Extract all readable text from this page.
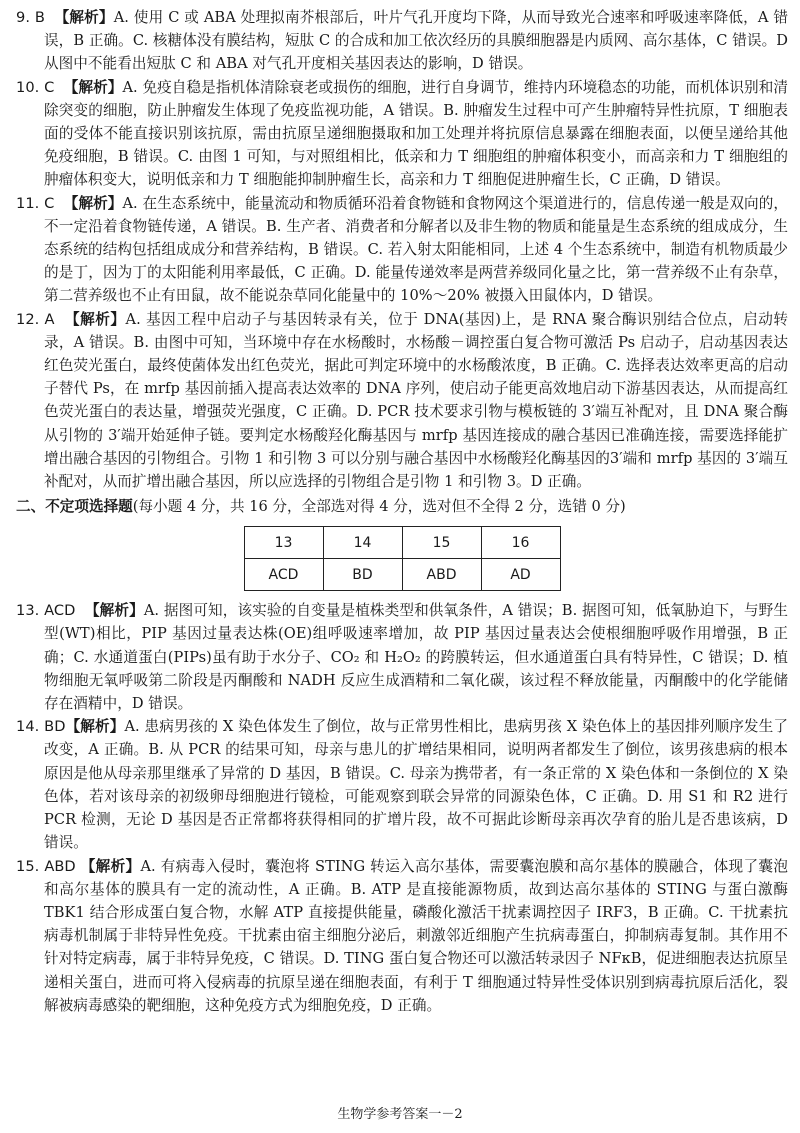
9. B 【解析】A. 使用 C 或 ABA 处理拟南芥根部后，叶片气孔开度均下降，从而导致光合速率和呼吸速率降低，A 错误，B 正确。C. 核糖体没有膜结构，短肽 C 的合成和加工依次经历的具膜细胞器是内质网、高尔基体，C 错误。D 从图中不能看出短肽 C 和 ABA 对气孔开度相关基因表达的影响，D 错误。

10. C 【解析】A. 免疫自稳是指机体清除衰老或损伤的细胞，进行自身调节，维持内环境稳态的功能，而机体识别和清除突变的细胞，防止肿瘤发生体现了免疫监视功能，A 错误。B. 肿瘤发生过程中可产生肿瘤特异性抗原，T 细胞表面的受体不能直接识别该抗原，需由抗原呈递细胞摄取和加工处理并将抗原信息暴露在细胞表面，以便呈递给其他免疫细胞，B 错误。C. 由图 1 可知，与对照组相比，低亲和力 T 细胞组的肿瘤体积变小，而高亲和力 T 细胞组的肿瘤体积变大，说明低亲和力 T 细胞能抑制肿瘤生长，高亲和力 T 细胞促进肿瘤生长，C 正确，D 错误。

11. C 【解析】A. 在生态系统中，能量流动和物质循环沿着食物链和食物网这个渠道进行的，信息传递一般是双向的，不一定沿着食物链传递，A 错误。B. 生产者、消费者和分解者以及非生物的物质和能量是生态系统的组成成分，生态系统的结构包括组成成分和营养结构，B 错误。C. 若入射太阳能相同，上述 4 个生态系统中，制造有机物质最少的是丁，因为丁的太阳能利用率最低，C 正确。D. 能量传递效率是两营养级同化量之比，第一营养级不止有杂草，第二营养级也不止有田鼠，故不能说杂草同化能量中的 10%～20% 被摄入田鼠体内，D 错误。

12. A 【解析】A. 基因工程中启动子与基因转录有关，位于 DNA(基因)上，是 RNA 聚合酶识别结合位点，启动转录，A 错误。B. 由图中可知，当环境中存在水杨酸时，水杨酸－调控蛋白复合物可激活 Ps 启动子，启动基因表达红色荧光蛋白，最终使菌体发出红色荧光，据此可判定环境中的水杨酸浓度，B 正确。C. 选择表达效率更高的启动子替代 Ps，在 mrfp 基因前插入提高表达效率的 DNA 序列，使启动子能更高效地启动下游基因表达，从而提高红色荧光蛋白的表达量，增强荧光强度，C 正确。D. PCR 技术要求引物与模板链的 3′端互补配对，且 DNA 聚合酶从引物的 3′端开始延伸子链。要判定水杨酸羟化酶基因与 mrfp 基因连接成的融合基因已准确连接，需要选择能扩增出融合基因的引物组合。引物 1 和引物 3 可以分别与融合基因中水杨酸羟化酶基因的3′端和 mrfp 基因的 3′端互补配对，从而扩增出融合基因，所以应选择的引物组合是引物 1 和引物 3。D 正确。

二、不定项选择题(每小题 4 分，共 16 分，全部选对得 4 分，选对但不全得 2 分，选错 0 分)
13	14	15	16
ACD	BD	ABD	AD

13. ACD 【解析】A. 据图可知，该实验的自变量是植株类型和供氧条件，A 错误；B. 据图可知，低氧胁迫下，与野生型(WT)相比，PIP 基因过量表达株(OE)组呼吸速率增加，故 PIP 基因过量表达会使根细胞呼吸作用增强，B 正确；C. 水通道蛋白(PIPs)虽有助于水分子、CO₂ 和 H₂O₂ 的跨膜转运，但水通道蛋白具有特异性，C 错误；D. 植物细胞无氧呼吸第二阶段是丙酮酸和 NADH 反应生成酒精和二氧化碳，该过程不释放能量，丙酮酸中的化学能储存在酒精中，D 错误。

14. BD【解析】A. 患病男孩的 X 染色体发生了倒位，故与正常男性相比，患病男孩 X 染色体上的基因排列顺序发生了改变，A 正确。B. 从 PCR 的结果可知，母亲与患儿的扩增结果相同，说明两者都发生了倒位，该男孩患病的根本原因是他从母亲那里继承了异常的 D 基因，B 错误。C. 母亲为携带者，有一条正常的 X 染色体和一条倒位的 X 染色体，若对该母亲的初级卵母细胞进行镜检，可能观察到联会异常的同源染色体，C 正确。D. 用 S1 和 R2 进行 PCR 检测，无论 D 基因是否正常都将获得相同的扩增片段，故不可据此诊断母亲再次孕育的胎儿是否患该病，D 错误。

15. ABD 【解析】A. 有病毒入侵时，囊泡将 STING 转运入高尔基体，需要囊泡膜和高尔基体的膜融合，体现了囊泡和高尔基体的膜具有一定的流动性，A 正确。B. ATP 是直接能源物质，故到达高尔基体的 STING 与蛋白激酶 TBK1 结合形成蛋白复合物，水解 ATP 直接提供能量，磷酸化激活干扰素调控因子 IRF3，B 正确。C. 干扰素抗病毒机制属于非特异性免疫。干扰素由宿主细胞分泌后，刺激邻近细胞产生抗病毒蛋白，抑制病毒复制。其作用不针对特定病毒，属于非特异免疫，C 错误。D. TING 蛋白复合物还可以激活转录因子 NFκB，促进细胞表达抗原呈递相关蛋白，进而可将入侵病毒的抗原呈递在细胞表面，有利于 T 细胞通过特异性受体识别到病毒抗原后活化，裂解被病毒感染的靶细胞，这种免疫方式为细胞免疫，D 正确。

生物学参考答案一－2
